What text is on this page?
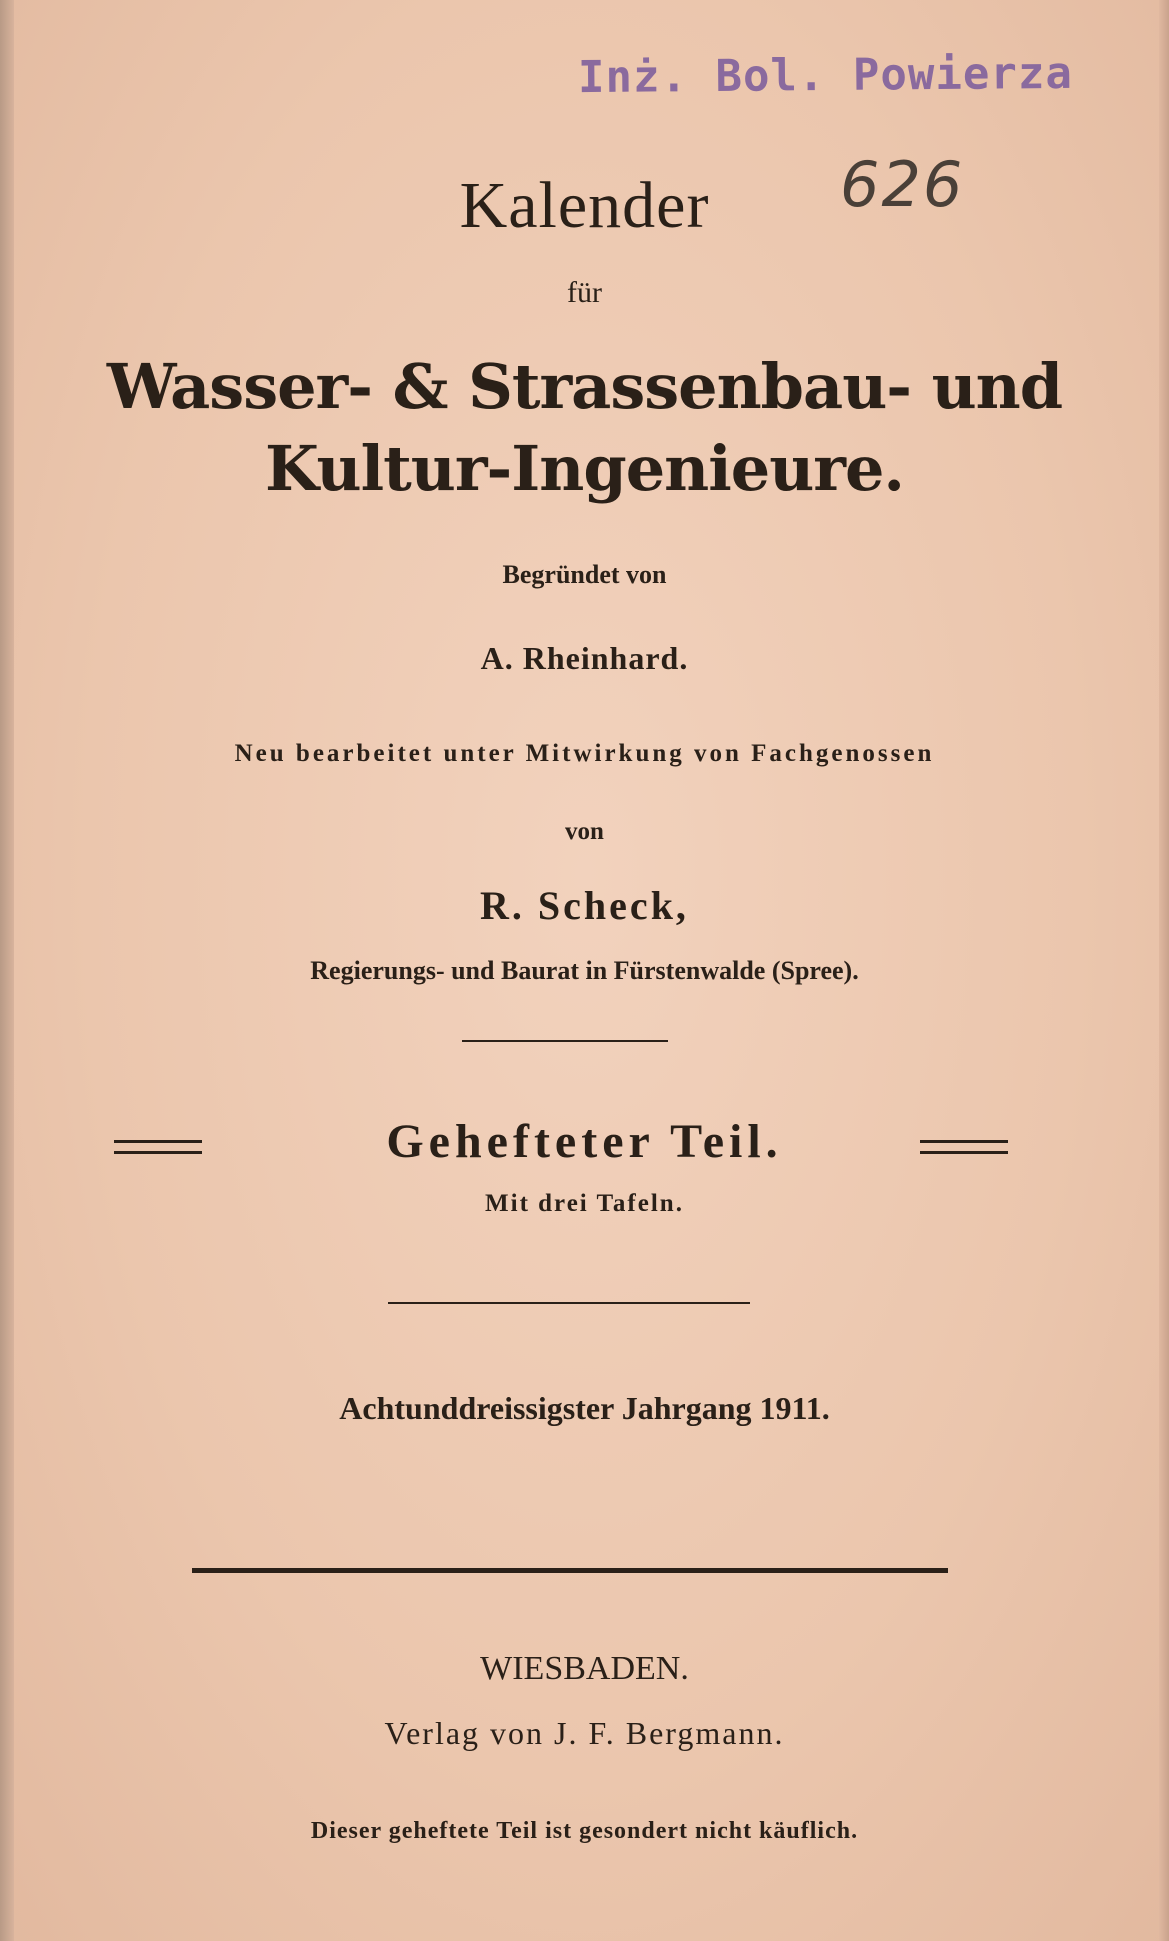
Inż. Bol. Powierza
626
Kalender
für
Wasser- & Strassenbau- und
Kultur-Ingenieure.
Begründet von
A. Rheinhard.
Neu bearbeitet unter Mitwirkung von Fachgenossen
von
R. Scheck,
Regierungs- und Baurat in Fürstenwalde (Spree).
Gehefteter Teil.
Mit drei Tafeln.
Achtunddreissigster Jahrgang 1911.
WIESBADEN.
Verlag von J. F. Bergmann.
Dieser geheftete Teil ist gesondert nicht käuflich.
